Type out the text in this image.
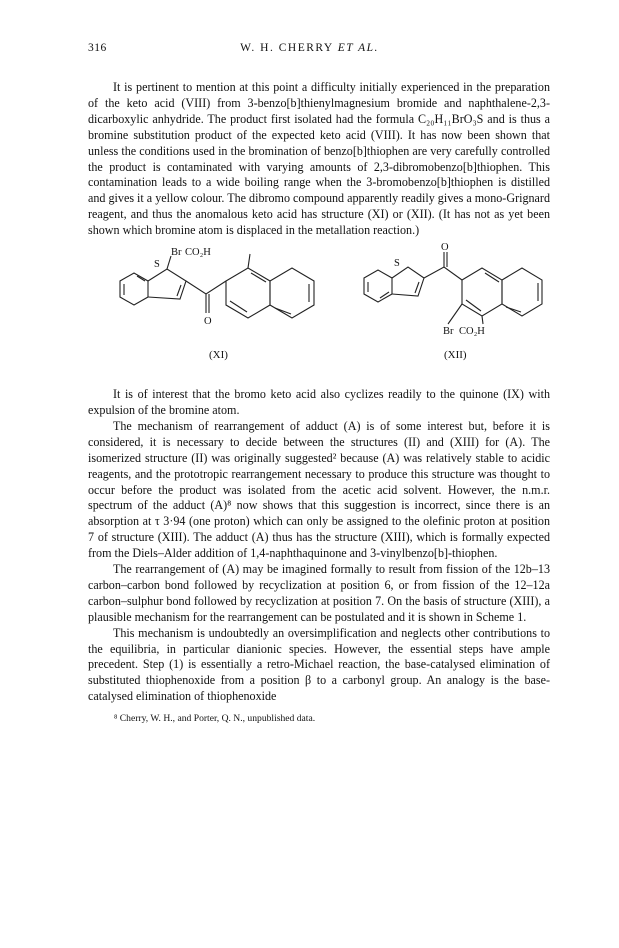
316	W. H. CHERRY ET AL.

It is pertinent to mention at this point a difficulty initially experienced in the preparation of the keto acid (VIII) from 3-benzo[b]thienylmagnesium bromide and naphthalene-2,3-dicarboxylic anhydride. The product first isolated had the formula C₂₀H₁₁BrO₃S and is thus a bromine substitution product of the expected keto acid (VIII). It has now been shown that unless the conditions used in the bromination of benzo[b]thiophen are very carefully controlled the product is contaminated with varying amounts of 2,3-dibromobenzo[b]thiophen. This contamination leads to a wide boiling range when the 3-bromobenzo[b]thiophen is distilled and gives it a yellow colour. The dibromo compound apparently readily gives a mono-Grignard reagent, and thus the anomalous keto acid has structure (XI) or (XII). (It has not as yet been shown which bromine atom is displaced in the metallation reaction.)

Br CO₂H
S
O
O
S
Br CO₂H
(XI)	(XII)

It is of interest that the bromo keto acid also cyclizes readily to the quinone (IX) with expulsion of the bromine atom.

The mechanism of rearrangement of adduct (A) is of some interest but, before it is considered, it is necessary to decide between the structures (II) and (XIII) for (A). The isomerized structure (II) was originally suggested² because (A) was relatively stable to acidic reagents, and the prototropic rearrangement necessary to produce this structure was thought to occur before the product was isolated from the acetic acid solvent. However, the n.m.r. spectrum of the adduct (A)⁸ now shows that this suggestion is incorrect, since there is an absorption at τ 3·94 (one proton) which can only be assigned to the olefinic proton at position 7 of structure (XIII). The adduct (A) thus has the structure (XIII), which is formally expected from the Diels–Alder addition of 1,4-naphthaquinone and 3-vinylbenzo[b]-thiophen.

The rearrangement of (A) may be imagined formally to result from fission of the 12b–13 carbon–carbon bond followed by recyclization at position 6, or from fission of the 12–12a carbon–sulphur bond followed by recyclization at position 7. On the basis of structure (XIII), a plausible mechanism for the rearrangement can be postulated and it is shown in Scheme 1.

This mechanism is undoubtedly an oversimplification and neglects other contributions to the equilibria, in particular dianionic species. However, the essential steps have ample precedent. Step (1) is essentially a retro-Michael reaction, the base-catalysed elimination of substituted thiophenoxide from a position β to a carbonyl group. An analogy is the base-catalysed elimination of thiophenoxide

⁸ Cherry, W. H., and Porter, Q. N., unpublished data.
